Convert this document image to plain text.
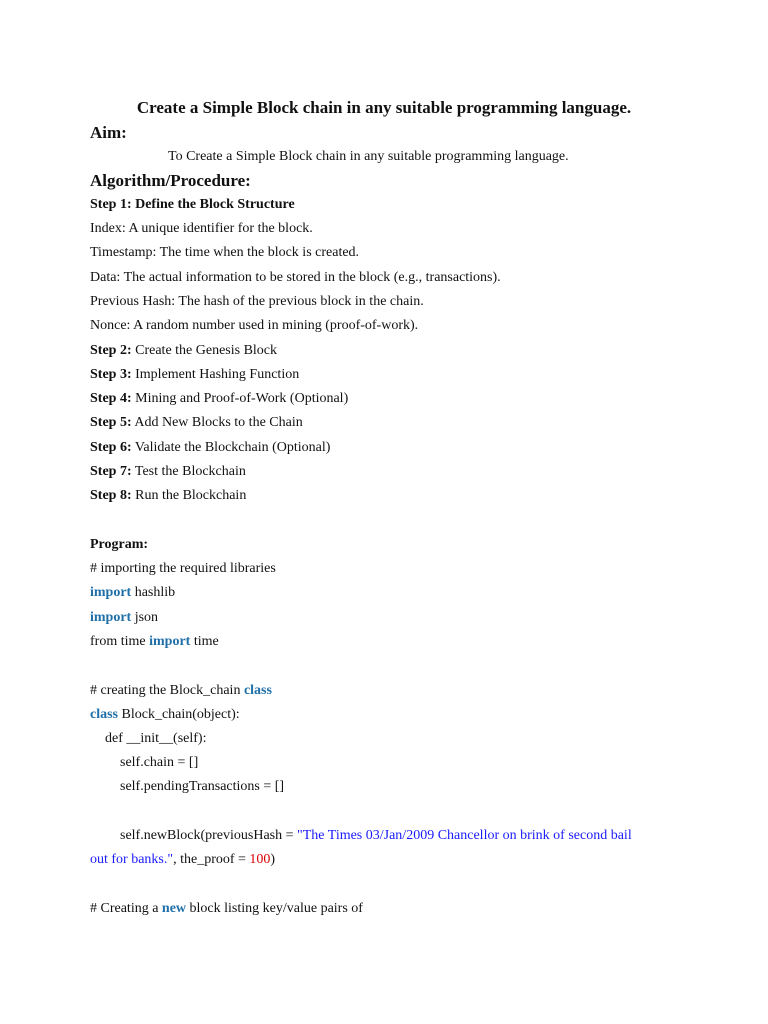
Create a Simple Block chain in any suitable programming language.
Aim:
To Create a Simple Block chain in any suitable programming language.
Algorithm/Procedure:
Step 1: Define the Block Structure
Index: A unique identifier for the block.
Timestamp: The time when the block is created.
Data: The actual information to be stored in the block (e.g., transactions).
Previous Hash: The hash of the previous block in the chain.
Nonce: A random number used in mining (proof-of-work).
Step 2: Create the Genesis Block
Step 3: Implement Hashing Function
Step 4: Mining and Proof-of-Work (Optional)
Step 5: Add New Blocks to the Chain
Step 6: Validate the Blockchain (Optional)
Step 7: Test the Blockchain
Step 8: Run the Blockchain
Program:
# importing the required libraries
import hashlib
import json
from time import time
# creating the Block_chain class
class Block_chain(object):
def __init__(self):
self.chain = []
self.pendingTransactions = []
self.newBlock(previousHash = "The Times 03/Jan/2009 Chancellor on brink of second bail
out for banks.", the_proof = 100)
# Creating a new block listing key/value pairs of
